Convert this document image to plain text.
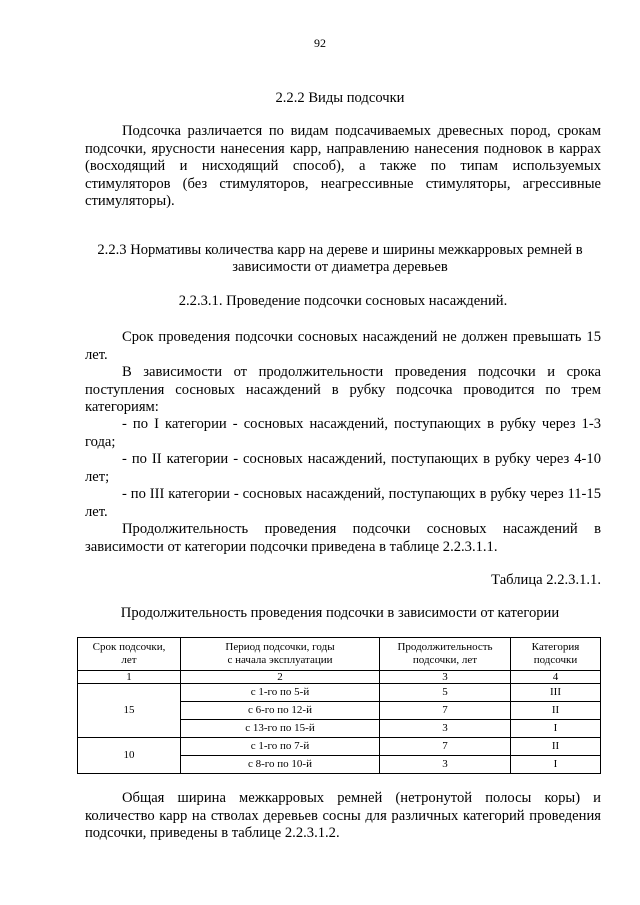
92
2.2.2 Виды подсочки

Подсочка различается по видам подсачиваемых древесных пород, срокам подсочки, ярусности нанесения карр, направлению нанесения подновок в каррах (восходящий и нисходящий способ), а также по типам используемых стимуляторов (без стимуляторов, неагрессивные стимуляторы, агрессивные стимуляторы).

2.2.3 Нормативы количества карр на дереве и ширины межкарровых ремней в
зависимости от диаметра деревьев
2.2.3.1. Проведение подсочки сосновых насаждений.

Срок проведения подсочки сосновых насаждений не должен превышать 15 лет.

В зависимости от продолжительности проведения подсочки и срока поступления сосновых насаждений в рубку подсочка проводится по трем категориям:

- по I категории - сосновых насаждений, поступающих в рубку через 1-3 года;

- по II категории - сосновых насаждений, поступающих в рубку через 4-10 лет;

- по III категории - сосновых насаждений, поступающих в рубку через 11-15 лет.

Продолжительность проведения подсочки сосновых насаждений в зависимости от категории подсочки приведена в таблице 2.2.3.1.1.

Таблица 2.2.3.1.1.
Продолжительность проведения подсочки в зависимости от категории
Срок подсочки,
лет	Период подсочки, годы
с начала эксплуатации	Продолжительность
подсочки, лет	Категория
подсочки
1	2	3	4
15	с 1-го по 5-й	5	III
	с 6-го по 12-й	7	II
	с 13-го по 15-й	3	I
10	с 1-го по 7-й	7	II
	с 8-го по 10-й	3	I

Общая ширина межкарровых ремней (нетронутой полосы коры) и количество карр на стволах деревьев сосны для различных категорий проведения подсочки, приведены в таблице 2.2.3.1.2.
